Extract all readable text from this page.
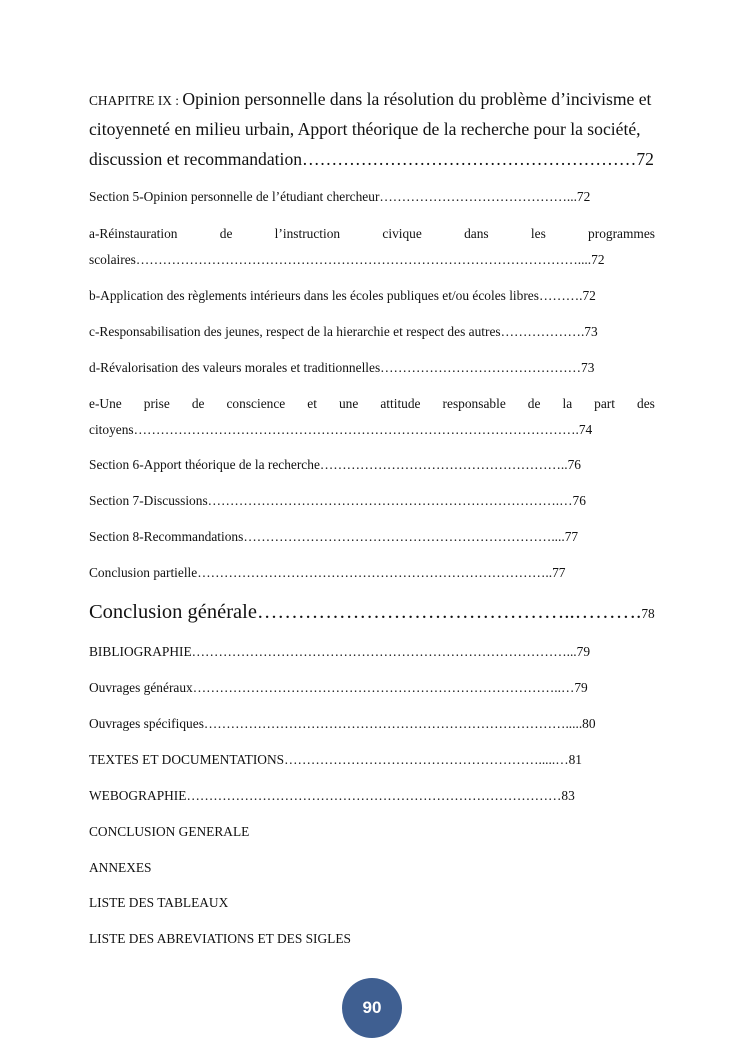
CHAPITRE IX : Opinion personnelle dans la résolution du problème d’incivisme et
citoyenneté en milieu urbain, Apport théorique de la recherche pour la société,
discussion et recommandation…………………………………………………72
Section 5-Opinion personnelle de l’étudiant chercheur……………………………………...72
a-Réinstauration	de	l’instruction	civique	dans	les	programmes
scolaires………………………………………………………………………………………....72
b-Application des règlements intérieurs dans les écoles publiques et/ou écoles libres……….72
c-Responsabilisation des jeunes, respect de la hierarchie et respect des autres……………….73
d-Révalorisation des valeurs morales et traditionnelles………………………………………73
e-Une prise de conscience et une attitude responsable de la part des
citoyens……………………………………………………………………………………….74
Section 6-Apport théorique de la recherche………………………………………………..76
Section 7-Discussions…………………………………………………………………….…76
Section 8-Recommandations……………………………………………………………....77
Conclusion partielle……………………………………………………………………..77
Conclusion générale………………………………………..……….78
BIBLIOGRAPHIE…………………………………………………………………………...79
Ouvrages généraux………………………………………………………………………..…79
Ouvrages spécifiques……………………………………………………………………….....80
TEXTES ET DOCUMENTATIONS………………………………………………….....…81
WEBOGRAPHIE…………………………………………………………………………83
CONCLUSION GENERALE
ANNEXES
LISTE DES TABLEAUX
LISTE DES ABREVIATIONS ET DES SIGLES
90
